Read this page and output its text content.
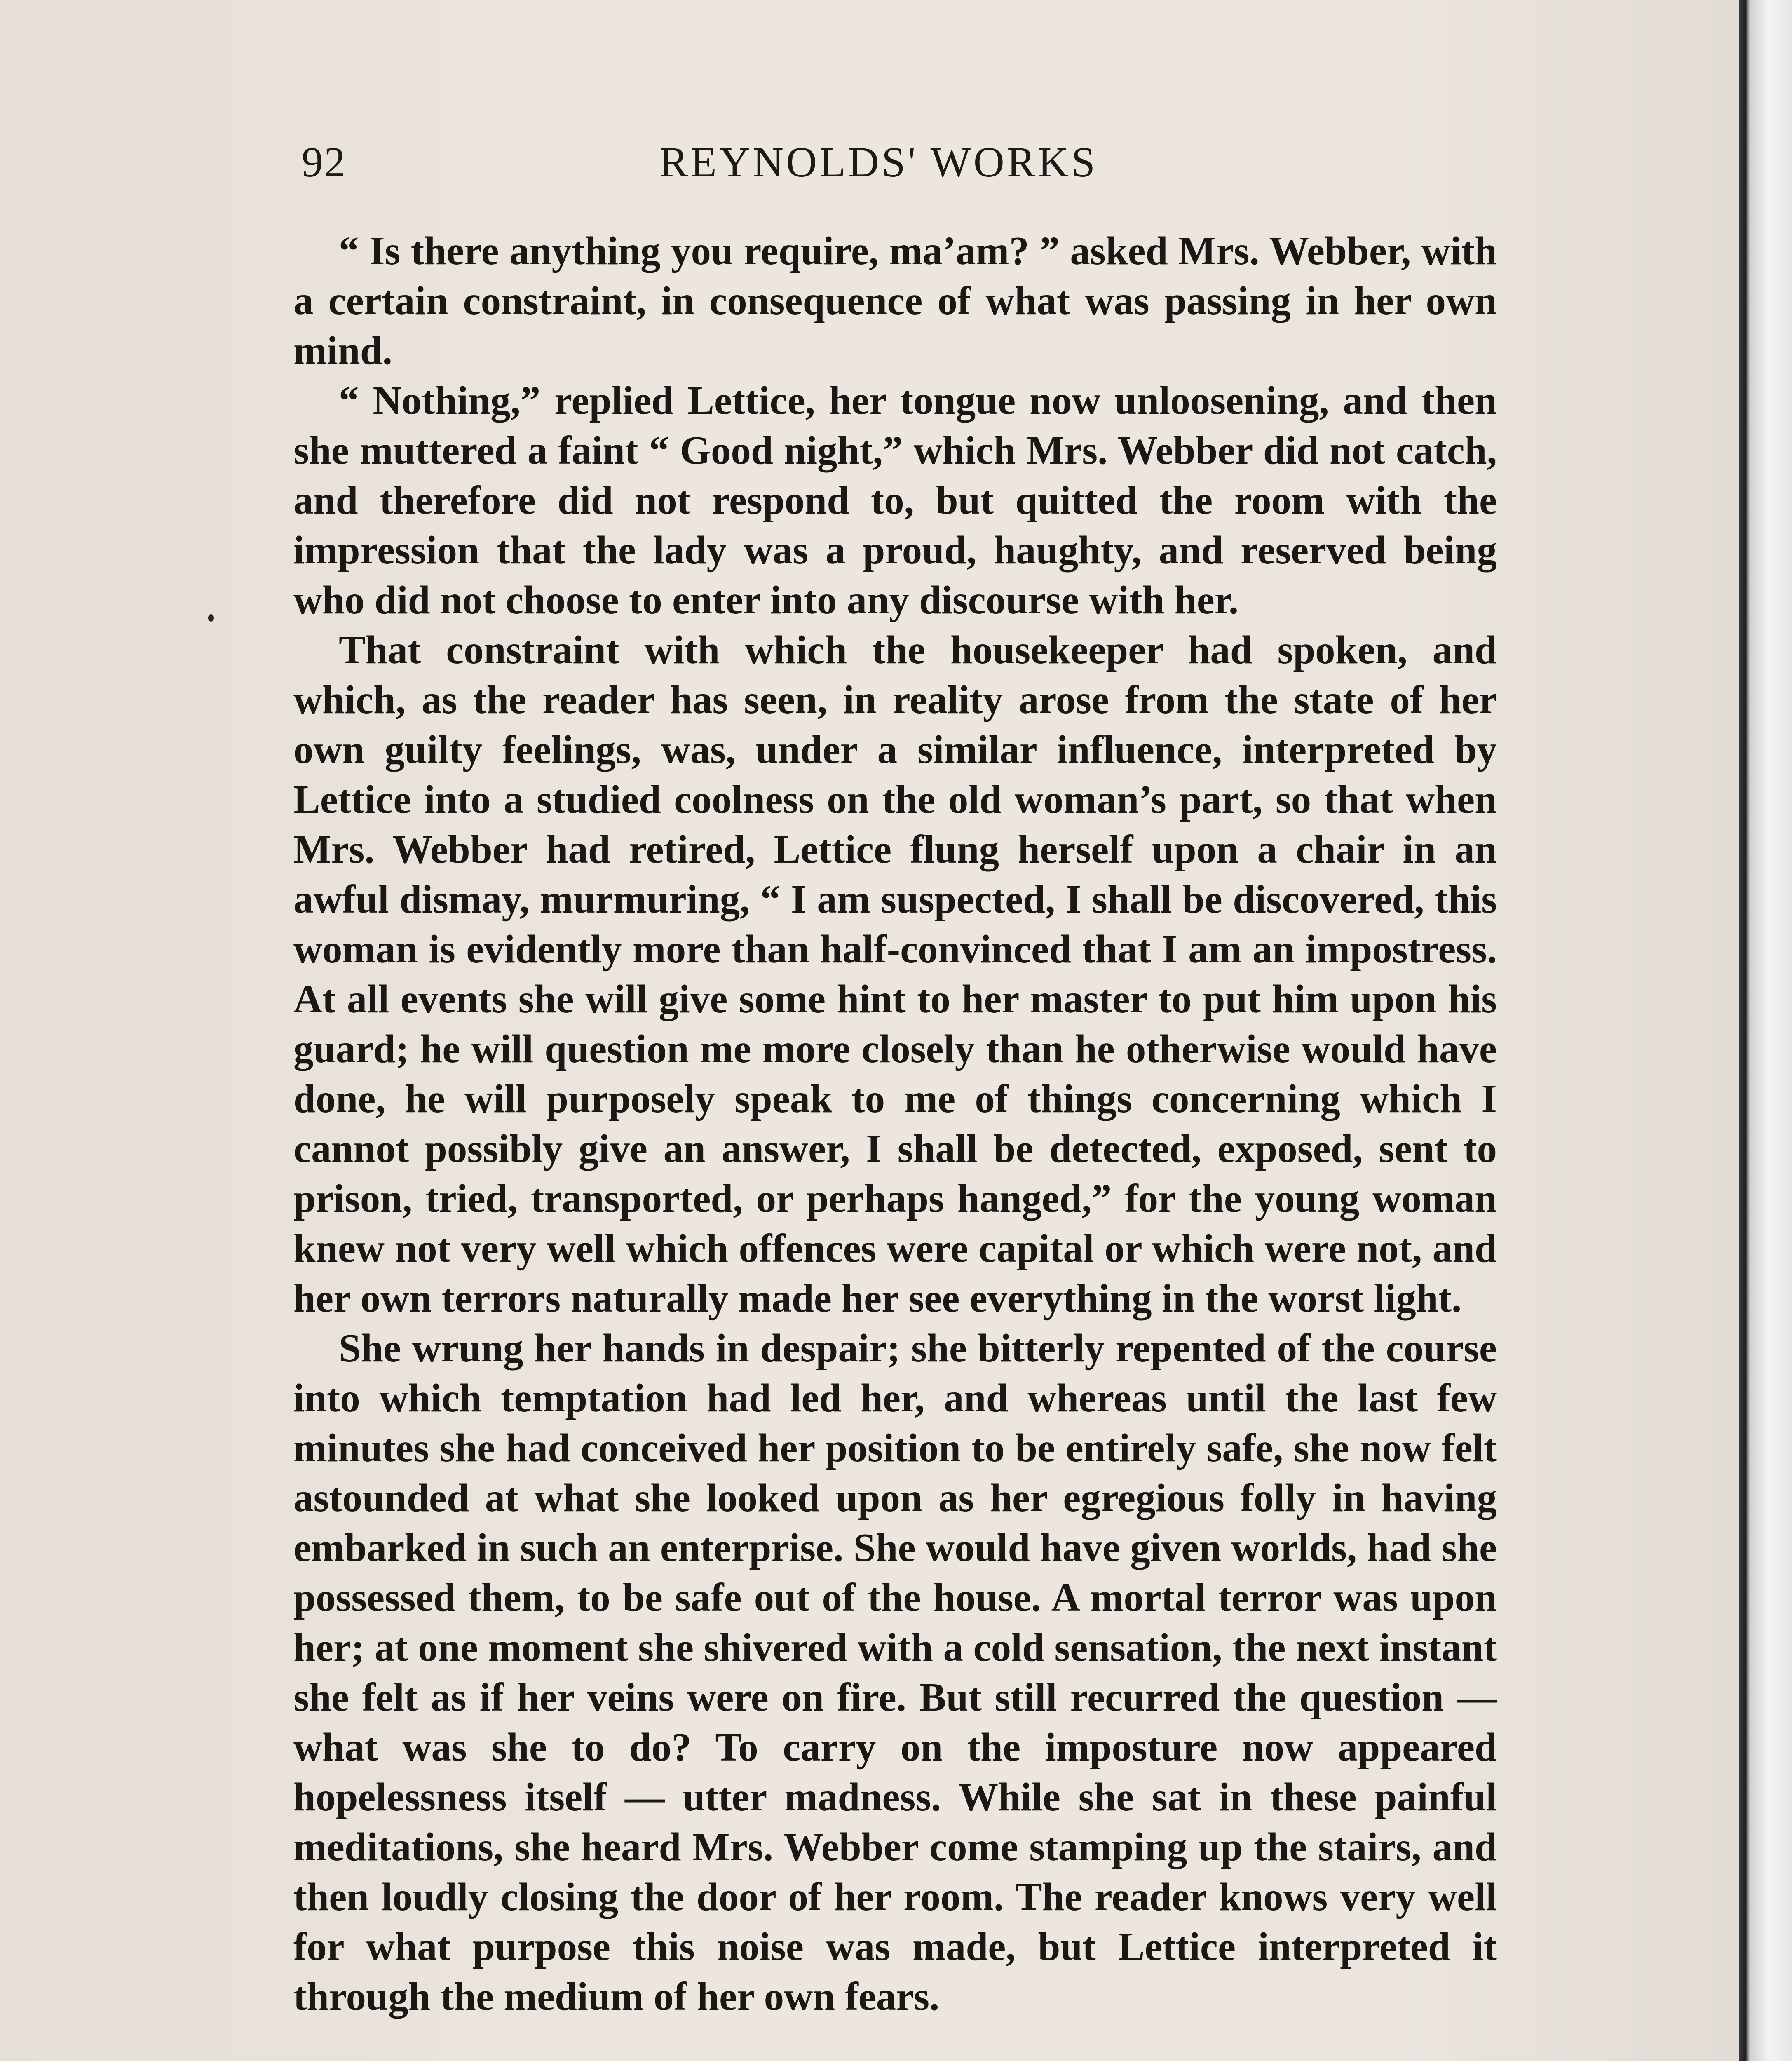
92	REYNOLDS' WORKS

“ Is there anything you require, ma’am? ” asked Mrs. Webber, with a certain constraint, in consequence of what was passing in her own mind.

“ Nothing,” replied Lettice, her tongue now unloosening, and then she muttered a faint “ Good night,” which Mrs. Webber did not catch, and therefore did not respond to, but quitted the room with the impression that the lady was a proud, haughty, and reserved being who did not choose to enter into any discourse with her.

That constraint with which the housekeeper had spoken, and which, as the reader has seen, in reality arose from the state of her own guilty feelings, was, under a similar influence, interpreted by Lettice into a studied coolness on the old woman’s part, so that when Mrs. Webber had retired, Lettice flung herself upon a chair in an awful dismay, murmuring, “ I am suspected, I shall be discovered, this woman is evidently more than half-convinced that I am an impostress. At all events she will give some hint to her master to put him upon his guard; he will question me more closely than he otherwise would have done, he will purposely speak to me of things concerning which I cannot possibly give an answer, I shall be detected, exposed, sent to prison, tried, transported, or perhaps hanged,” for the young woman knew not very well which offences were capital or which were not, and her own terrors naturally made her see everything in the worst light.

She wrung her hands in despair; she bitterly repented of the course into which temptation had led her, and whereas until the last few minutes she had conceived her position to be entirely safe, she now felt astounded at what she looked upon as her egregious folly in having embarked in such an enterprise. She would have given worlds, had she possessed them, to be safe out of the house. A mortal terror was upon her; at one moment she shivered with a cold sensation, the next instant she felt as if her veins were on fire. But still recurred the question — what was she to do? To carry on the imposture now appeared hopelessness itself — utter madness. While she sat in these painful meditations, she heard Mrs. Webber come stamping up the stairs, and then loudly closing the door of her room. The reader knows very well for what purpose this noise was made, but Lettice interpreted it through the medium of her own fears.
